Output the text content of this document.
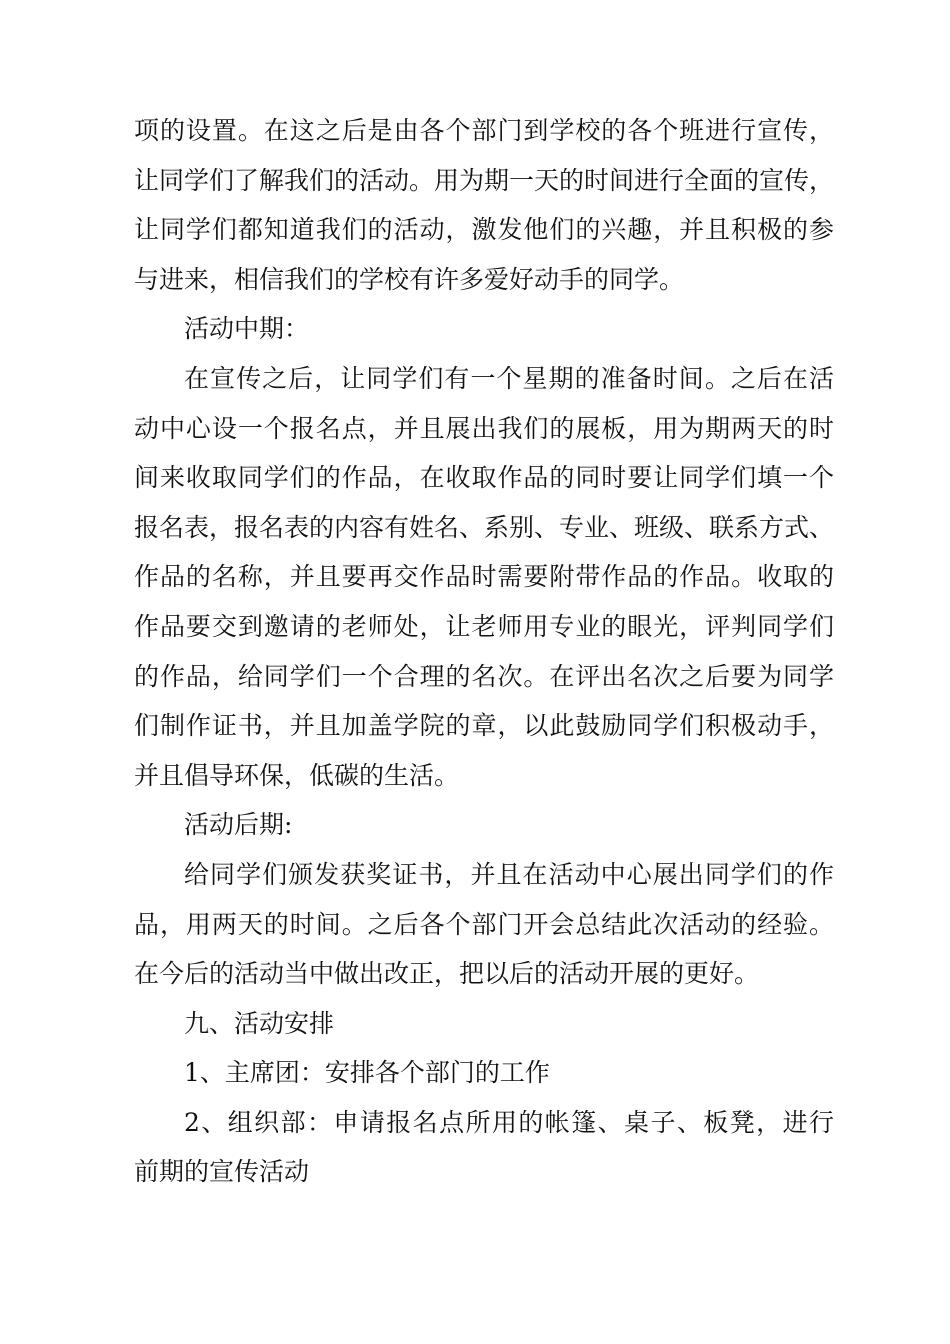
项的设置。在这之后是由各个部门到学校的各个班进行宣传，
让同学们了解我们的活动。用为期一天的时间进行全面的宣传，
让同学们都知道我们的活动，激发他们的兴趣，并且积极的参
与进来，相信我们的学校有许多爱好动手的同学。
活动中期：
在宣传之后，让同学们有一个星期的准备时间。之后在活
动中心设一个报名点，并且展出我们的展板，用为期两天的时
间来收取同学们的作品，在收取作品的同时要让同学们填一个
报名表，报名表的内容有姓名、系别、专业、班级、联系方式、
作品的名称，并且要再交作品时需要附带作品的作品。收取的
作品要交到邀请的老师处，让老师用专业的眼光，评判同学们
的作品，给同学们一个合理的名次。在评出名次之后要为同学
们制作证书，并且加盖学院的章，以此鼓励同学们积极动手，
并且倡导环保，低碳的生活。
活动后期:
给同学们颁发获奖证书，并且在活动中心展出同学们的作
品，用两天的时间。之后各个部门开会总结此次活动的经验。
在今后的活动当中做出改正，把以后的活动开展的更好。
九、活动安排
1、主席团：安排各个部门的工作
2、组织部：申请报名点所用的帐篷、桌子、板凳，进行
前期的宣传活动
